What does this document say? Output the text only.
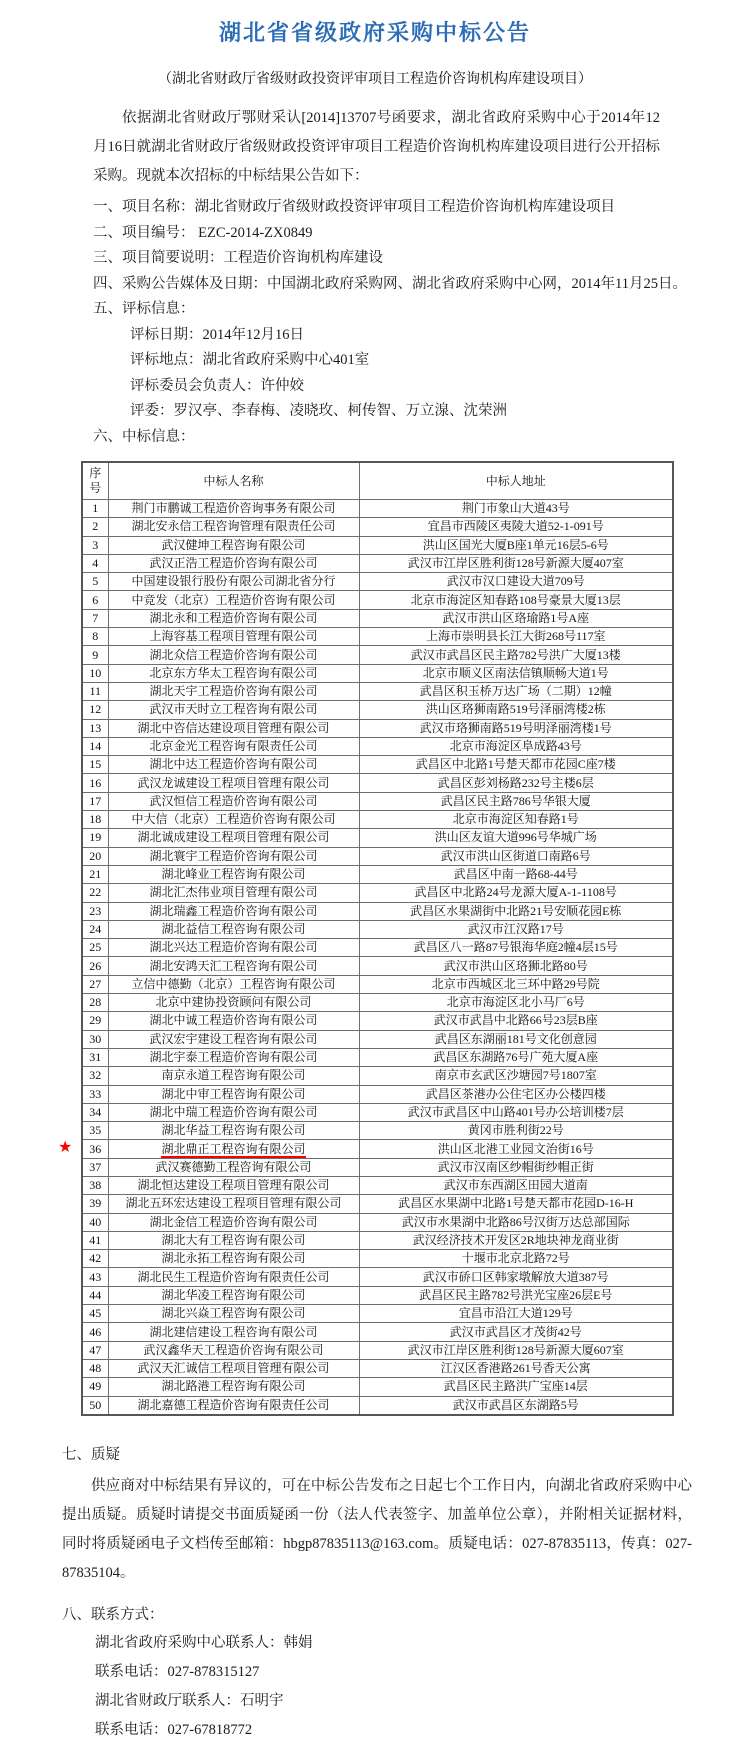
湖北省省级政府采购中标公告
（湖北省财政厅省级财政投资评审项目工程造价咨询机构库建设项目）

依据湖北省财政厅鄂财采认[2014]13707号函要求，湖北省政府采购中心于2014年12月16日就湖北省财政厅省级财政投资评审项目工程造价咨询机构库建设项目进行公开招标采购。现就本次招标的中标结果公告如下：

一、项目名称：湖北省财政厅省级财政投资评审项目工程造价咨询机构库建设项目
二、项目编号： EZC-2014-ZX0849
三、项目简要说明：工程造价咨询机构库建设
四、采购公告媒体及日期：中国湖北政府采购网、湖北省政府采购中心网，2014年11月25日。
五、评标信息：
评标日期：2014年12月16日
评标地点：湖北省政府采购中心401室
评标委员会负责人：许仲姣
评委：罗汉亭、李春梅、凌晓玫、柯传智、万立湶、沈荣洲
六、中标信息：
★
序号	中标人名称	中标人地址
1	荆门市鹏诚工程造价咨询事务有限公司	荆门市象山大道43号
2	湖北安永信工程咨询管理有限责任公司	宜昌市西陵区夷陵大道52-1-091号
3	武汉健坤工程咨询有限公司	洪山区国光大厦B座1单元16层5-6号
4	武汉正浩工程造价咨询有限公司	武汉市江岸区胜利街128号新源大厦407室
5	中国建设银行股份有限公司湖北省分行	武汉市汉口建设大道709号
6	中竞发（北京）工程造价咨询有限公司	北京市海淀区知春路108号豪景大厦13层
7	湖北永和工程造价咨询有限公司	武汉市洪山区珞瑜路1号A座
8	上海容基工程项目管理有限公司	上海市崇明县长江大街268号117室
9	湖北众信工程造价咨询有限公司	武汉市武昌区民主路782号洪广大厦13楼
10	北京东方华太工程咨询有限公司	北京市顺义区南法信镇顺畅大道1号
11	湖北天宇工程造价咨询有限公司	武昌区积玉桥万达广场（二期）12幢
12	武汉市天时立工程咨询有限公司	洪山区珞狮南路519号泽丽湾楼2栋
13	湖北中咨信达建设项目管理有限公司	武汉市珞狮南路519号明泽丽湾楼1号
14	北京金光工程咨询有限责任公司	北京市海淀区阜成路43号
15	湖北中达工程造价咨询有限公司	武昌区中北路1号楚天都市花园C座7楼
16	武汉龙诚建设工程项目管理有限公司	武昌区彭刘杨路232号主楼6层
17	武汉恒信工程造价咨询有限公司	武昌区民主路786号华银大厦
18	中大信（北京）工程造价咨询有限公司	北京市海淀区知春路1号
19	湖北诚成建设工程项目管理有限公司	洪山区友谊大道996号华城广场
20	湖北寰宇工程造价咨询有限公司	武汉市洪山区街道口南路6号
21	湖北峰业工程咨询有限公司	武昌区中南一路68-44号
22	湖北汇杰伟业项目管理有限公司	武昌区中北路24号龙源大厦A-1-1108号
23	湖北瑞鑫工程造价咨询有限公司	武昌区水果湖街中北路21号安顺花园E栋
24	湖北益信工程咨询有限公司	武汉市江汉路17号
25	湖北兴达工程造价咨询有限公司	武昌区八一路87号银海华庭2幢4层15号
26	湖北安鸿天汇工程咨询有限公司	武汉市洪山区珞狮北路80号
27	立信中德勤（北京）工程咨询有限公司	北京市西城区北三环中路29号院
28	北京中建协投资顾问有限公司	北京市海淀区北小马厂6号
29	湖北中诚工程造价咨询有限公司	武汉市武昌中北路66号23层B座
30	武汉宏宇建设工程咨询有限公司	武昌区东湖丽181号文化创意园
31	湖北宇泰工程造价咨询有限公司	武昌区东湖路76号广苑大厦A座
32	南京永道工程咨询有限公司	南京市玄武区沙塘园7号1807室
33	湖北中审工程咨询有限公司	武昌区茶港办公住宅区办公楼四楼
34	湖北中瑞工程造价咨询有限公司	武汉市武昌区中山路401号办公培训楼7层
35	湖北华益工程咨询有限公司	黄冈市胜利街22号
36	湖北鼎正工程咨询有限公司	洪山区北港工业园文治街16号
37	武汉赛德勤工程咨询有限公司	武汉市汉南区纱帽街纱帽正街
38	湖北恒达建设工程项目管理有限公司	武汉市东西湖区田园大道南
39	湖北五环宏达建设工程项目管理有限公司	武昌区水果湖中北路1号楚天都市花园D-16-H
40	湖北金信工程造价咨询有限公司	武汉市水果湖中北路86号汉街万达总部国际
41	湖北大有工程咨询有限公司	武汉经济技术开发区2R地块神龙商业街
42	湖北永拓工程咨询有限公司	十堰市北京北路72号
43	湖北民生工程造价咨询有限责任公司	武汉市硚口区韩家墩解放大道387号
44	湖北华凌工程咨询有限公司	武昌区民主路782号洪光宝座26层E号
45	湖北兴焱工程咨询有限公司	宜昌市沿江大道129号
46	湖北建信建设工程咨询有限公司	武汉市武昌区才茂街42号
47	武汉鑫华天工程造价咨询有限公司	武汉市江岸区胜利街128号新源大厦607室
48	武汉天汇诚信工程项目管理有限公司	江汉区香港路261号香天公寓
49	湖北路港工程咨询有限公司	武昌区民主路洪广宝座14层
50	湖北嘉德工程造价咨询有限责任公司	武汉市武昌区东湖路5号
七、质疑

供应商对中标结果有异议的，可在中标公告发布之日起七个工作日内，向湖北省政府采购中心提出质疑。质疑时请提交书面质疑函一份（法人代表签字、加盖单位公章），并附相关证据材料，同时将质疑函电子文档传至邮箱：hbgp87835113@163.com。质疑电话：027-87835113，传真：027-87835104。

八、联系方式：
湖北省政府采购中心联系人：韩娟
联系电话：027-878315127
湖北省财政厅联系人：石明宇
联系电话：027-67818772
